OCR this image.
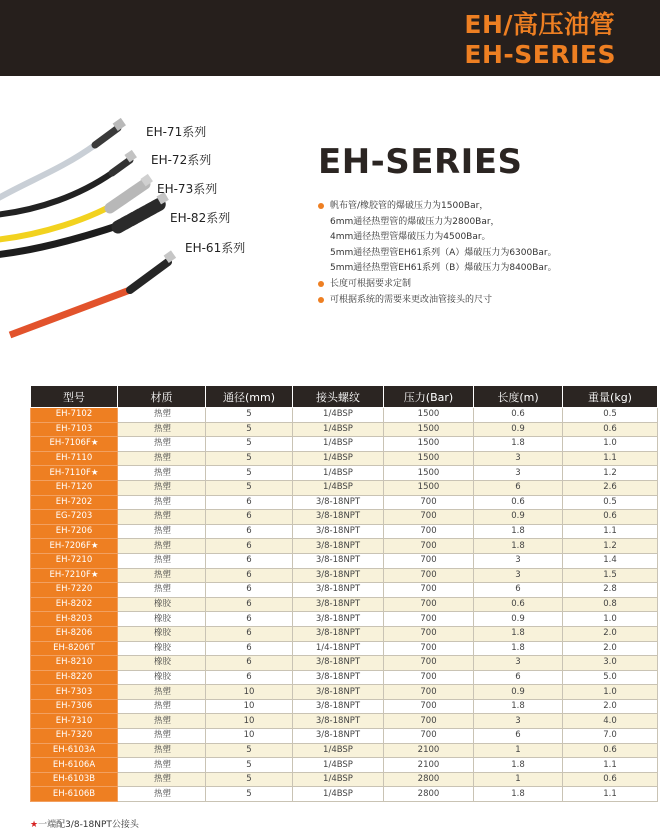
EH/高压油管
EH-SERIES
EH-71系列
EH-72系列
EH-73系列
EH-82系列
EH-61系列
EH-SERIES
帆布管/橡胶管的爆破压力为1500Bar，
6mm通径热塑管的爆破压力为2800Bar，
4mm通径热塑管爆破压力为4500Bar。
5mm通径热塑管EH61系列（A）爆破压力为6300Bar。
5mm通径热塑管EH61系列（B）爆破压力为8400Bar。
长度可根据要求定制
可根据系统的需要来更改油管接头的尺寸
型号	材质	通径(mm)	接头螺纹	压力(Bar)	长度(m)	重量(kg)
EH-7102	热塑	5	1/4BSP	1500	0.6	0.5
EH-7103	热塑	5	1/4BSP	1500	0.9	0.6
EH-7106F★	热塑	5	1/4BSP	1500	1.8	1.0
EH-7110	热塑	5	1/4BSP	1500	3	1.1
EH-7110F★	热塑	5	1/4BSP	1500	3	1.2
EH-7120	热塑	5	1/4BSP	1500	6	2.6
EH-7202	热塑	6	3/8-18NPT	700	0.6	0.5
EG-7203	热塑	6	3/8-18NPT	700	0.9	0.6
EH-7206	热塑	6	3/8-18NPT	700	1.8	1.1
EH-7206F★	热塑	6	3/8-18NPT	700	1.8	1.2
EH-7210	热塑	6	3/8-18NPT	700	3	1.4
EH-7210F★	热塑	6	3/8-18NPT	700	3	1.5
EH-7220	热塑	6	3/8-18NPT	700	6	2.8
EH-8202	橡胶	6	3/8-18NPT	700	0.6	0.8
EH-8203	橡胶	6	3/8-18NPT	700	0.9	1.0
EH-8206	橡胶	6	3/8-18NPT	700	1.8	2.0
EH-8206T	橡胶	6	1/4-18NPT	700	1.8	2.0
EH-8210	橡胶	6	3/8-18NPT	700	3	3.0
EH-8220	橡胶	6	3/8-18NPT	700	6	5.0
EH-7303	热塑	10	3/8-18NPT	700	0.9	1.0
EH-7306	热塑	10	3/8-18NPT	700	1.8	2.0
EH-7310	热塑	10	3/8-18NPT	700	3	4.0
EH-7320	热塑	10	3/8-18NPT	700	6	7.0
EH-6103A	热塑	5	1/4BSP	2100	1	0.6
EH-6106A	热塑	5	1/4BSP	2100	1.8	1.1
EH-6103B	热塑	5	1/4BSP	2800	1	0.6
EH-6106B	热塑	5	1/4BSP	2800	1.8	1.1
★一端配3/8-18NPT公接头
